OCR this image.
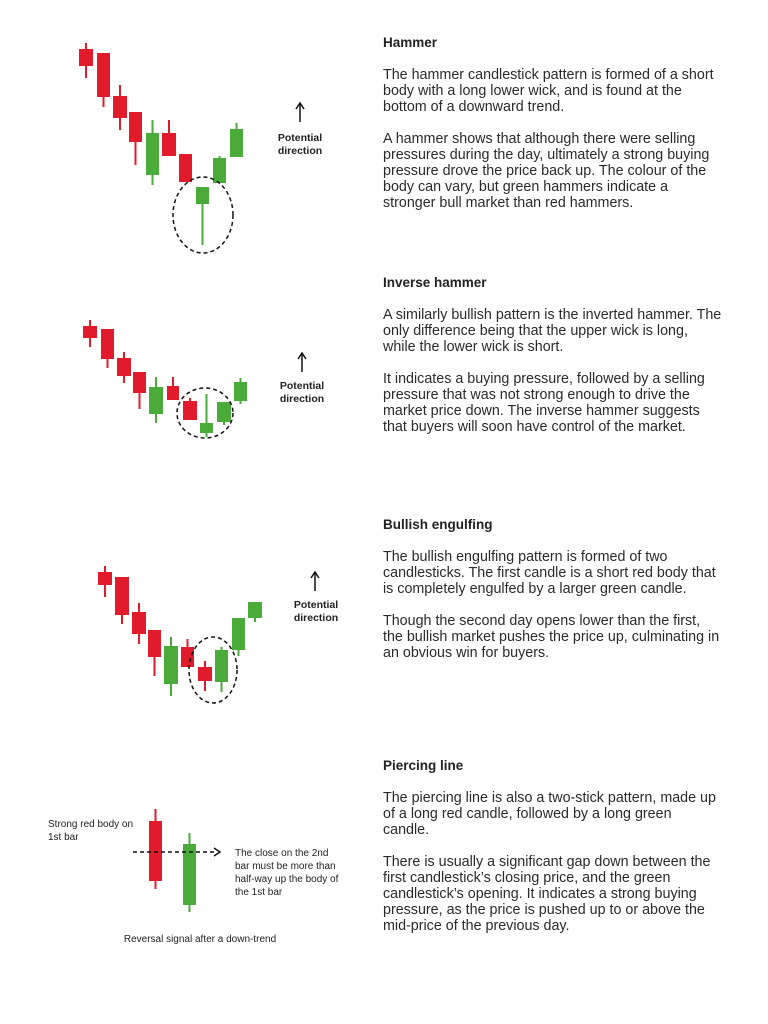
Potential
direction
Potential
direction
Potential
direction
Strong red body on
1st bar
The close on the 2nd
bar must be more than
half-way up the body of
the 1st bar
Reversal signal after a down-trend
Hammer
The hammer candlestick pattern is formed of a short
body with a long lower wick, and is found at the
bottom of a downward trend.
A hammer shows that although there were selling
pressures during the day, ultimately a strong buying
pressure drove the price back up. The colour of the
body can vary, but green hammers indicate a
stronger bull market than red hammers.
Inverse hammer
A similarly bullish pattern is the inverted hammer. The
only difference being that the upper wick is long,
while the lower wick is short.
It indicates a buying pressure, followed by a selling
pressure that was not strong enough to drive the
market price down. The inverse hammer suggests
that buyers will soon have control of the market.
Bullish engulfing
The bullish engulfing pattern is formed of two
candlesticks. The first candle is a short red body that
is completely engulfed by a larger green candle.
Though the second day opens lower than the first,
the bullish market pushes the price up, culminating in
an obvious win for buyers.
Piercing line
The piercing line is also a two-stick pattern, made up
of a long red candle, followed by a long green
candle.
There is usually a significant gap down between the
first candlestick’s closing price, and the green
candlestick’s opening. It indicates a strong buying
pressure, as the price is pushed up to or above the
mid-price of the previous day.
